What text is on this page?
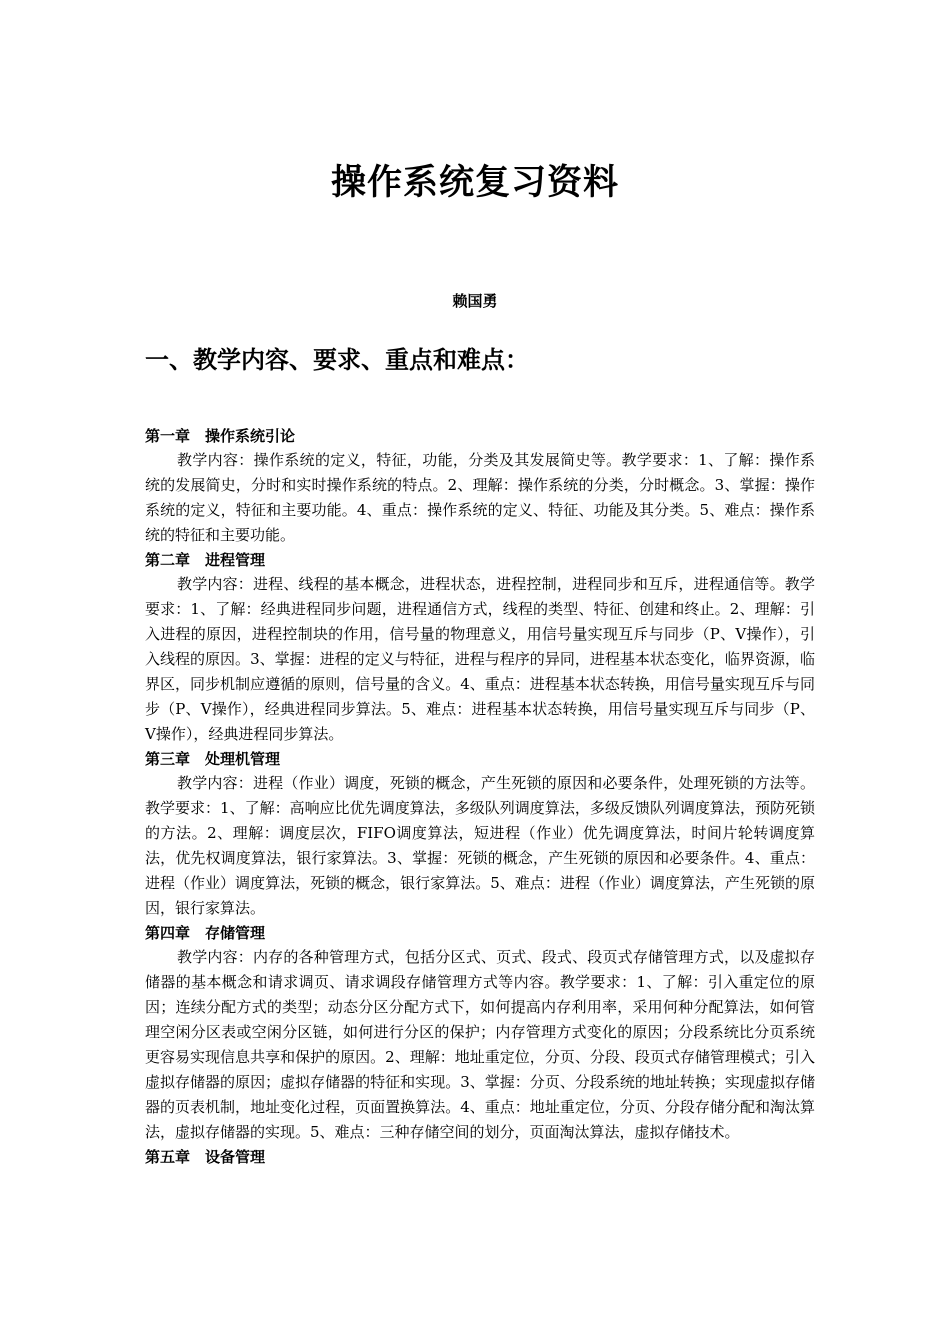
操作系统复习资料
赖国勇
一、教学内容、要求、重点和难点：
第一章　操作系统引论
教学内容：操作系统的定义，特征，功能，分类及其发展简史等。教学要求：1、了解：操作系统的发展简史，分时和实时操作系统的特点。2、理解：操作系统的分类，分时概念。3、掌握：操作系统的定义，特征和主要功能。4、重点：操作系统的定义、特征、功能及其分类。5、难点：操作系统的特征和主要功能。
第二章　进程管理
教学内容：进程、线程的基本概念，进程状态，进程控制，进程同步和互斥，进程通信等。教学要求：1、了解：经典进程同步问题，进程通信方式，线程的类型、特征、创建和终止。2、理解：引入进程的原因，进程控制块的作用，信号量的物理意义，用信号量实现互斥与同步（P、V操作），引入线程的原因。3、掌握：进程的定义与特征，进程与程序的异同，进程基本状态变化，临界资源，临界区，同步机制应遵循的原则，信号量的含义。4、重点：进程基本状态转换，用信号量实现互斥与同步（P、V操作），经典进程同步算法。5、难点：进程基本状态转换，用信号量实现互斥与同步（P、V操作），经典进程同步算法。
第三章　处理机管理
教学内容：进程（作业）调度，死锁的概念，产生死锁的原因和必要条件，处理死锁的方法等。教学要求：1、了解：高响应比优先调度算法，多级队列调度算法，多级反馈队列调度算法，预防死锁的方法。2、理解：调度层次，FIFO调度算法，短进程（作业）优先调度算法，时间片轮转调度算法，优先权调度算法，银行家算法。3、掌握：死锁的概念，产生死锁的原因和必要条件。4、重点：进程（作业）调度算法，死锁的概念，银行家算法。5、难点：进程（作业）调度算法，产生死锁的原因，银行家算法。
第四章　存储管理
教学内容：内存的各种管理方式，包括分区式、页式、段式、段页式存储管理方式，以及虚拟存储器的基本概念和请求调页、请求调段存储管理方式等内容。教学要求：1、了解：引入重定位的原因；连续分配方式的类型；动态分区分配方式下，如何提高内存利用率，采用何种分配算法，如何管理空闲分区表或空闲分区链，如何进行分区的保护；内存管理方式变化的原因；分段系统比分页系统更容易实现信息共享和保护的原因。2、理解：地址重定位，分页、分段、段页式存储管理模式；引入虚拟存储器的原因；虚拟存储器的特征和实现。3、掌握：分页、分段系统的地址转换；实现虚拟存储器的页表机制，地址变化过程，页面置换算法。4、重点：地址重定位，分页、分段存储分配和淘汰算法，虚拟存储器的实现。5、难点：三种存储空间的划分，页面淘汰算法，虚拟存储技术。
第五章　设备管理
